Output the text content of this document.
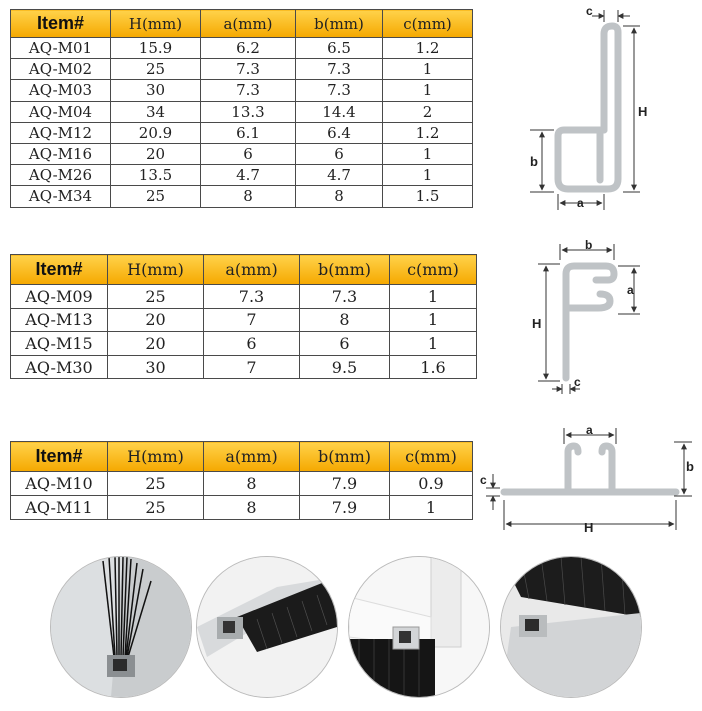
Item#	H(mm)	a(mm)	b(mm)	c(mm)
AQ-M01	15.9	6.2	6.5	1.2
AQ-M02	25	7.3	7.3	1
AQ-M03	30	7.3	7.3	1
AQ-M04	34	13.3	14.4	2
AQ-M12	20.9	6.1	6.4	1.2
AQ-M16	20	6	6	1
AQ-M26	13.5	4.7	4.7	1
AQ-M34	25	8	8	1.5
Item#	H(mm)	a(mm)	b(mm)	c(mm)
AQ-M09	25	7.3	7.3	1
AQ-M13	20	7	8	1
AQ-M15	20	6	6	1
AQ-M30	30	7	9.5	1.6
Item#	H(mm)	a(mm)	b(mm)	c(mm)
AQ-M10	25	8	7.9	0.9
AQ-M11	25	8	7.9	1
c
H
b
a
b
a
H
c
a
b
c
H
